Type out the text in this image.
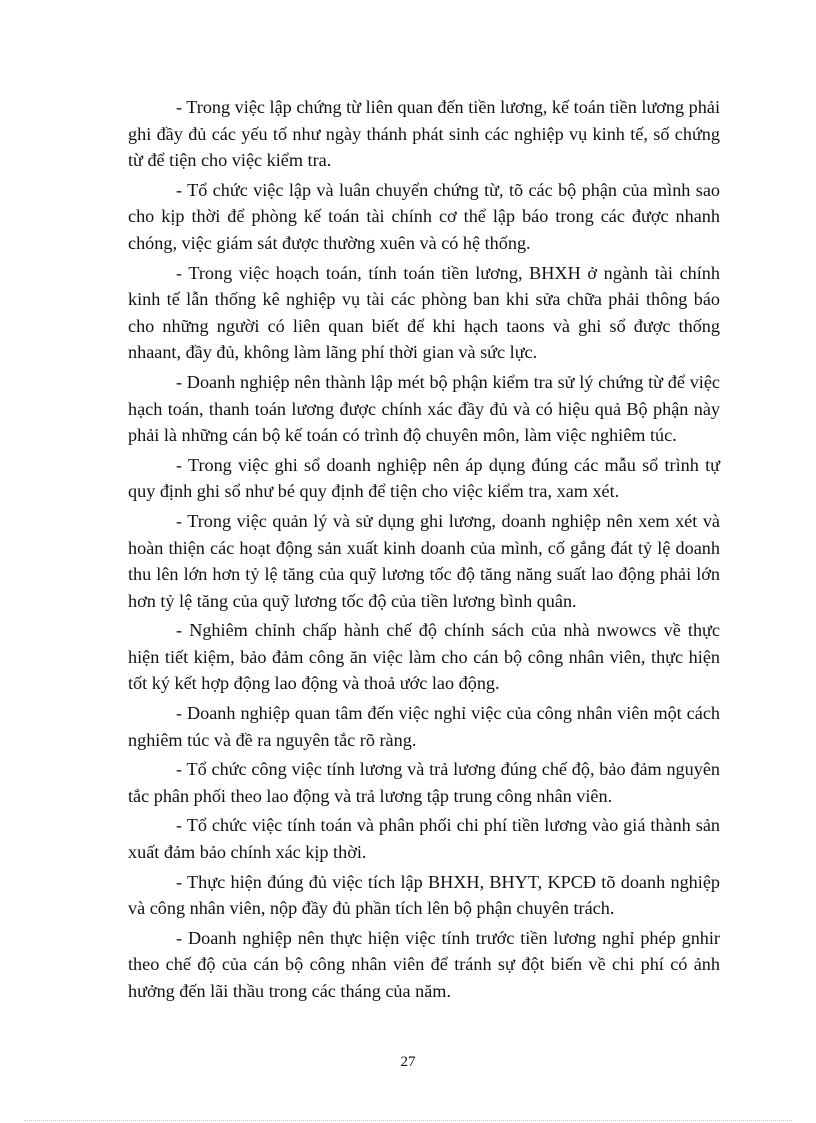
- Trong việc lập chứng từ liên quan đến tiền lương, kế toán tiền lương phải ghi đầy đủ các yếu tố như ngày thánh phát sinh các nghiệp vụ kinh tế, số chứng từ để tiện cho việc kiểm tra.

- Tổ chức việc lập và luân chuyển chứng từ, tõ các bộ phận của mình sao cho kịp thời để phòng kế toán tài chính cơ thể lập báo trong các được nhanh chóng, việc giám sát được thường xuên và có hệ thống.

- Trong việc hoạch toán, tính toán tiền lương, BHXH ở ngành tài chính kinh tế lẫn thống kê nghiệp vụ tài các phòng ban khi sửa chữa phải thông báo cho những người có liên quan biết để khi hạch taons và ghi sổ được thống nhaant, đầy đủ, không làm lãng phí thời gian và sức lực.

- Doanh nghiệp nên thành lập mét bộ phận kiểm tra sử lý chứng từ để việc hạch toán, thanh toán lương được chính xác đầy đủ và có hiệu quả Bộ phận này phải là những cán bộ kế toán có trình độ chuyên môn, làm việc nghiêm túc.

- Trong việc ghi sổ doanh nghiệp nên áp dụng đúng các mẫu sổ trình tự quy định ghi sổ như bé quy định để tiện cho việc kiểm tra, xam xét.

- Trong việc quản lý và sử dụng ghi lương, doanh nghiệp nên xem xét và hoàn thiện các hoạt động sản xuất kinh doanh của mình, cố gắng đát tỷ lệ doanh thu lên lớn hơn tỷ lệ tăng của quỹ lương tốc độ tăng năng suất lao động phải lớn hơn tỷ lệ tăng của quỹ lương tốc độ của tiền lương bình quân.

- Nghiêm chỉnh chấp hành chế độ chính sách của nhà nwowcs về thực hiện tiết kiệm, bảo đảm công ăn việc làm cho cán bộ công nhân viên, thực hiện tốt ký kết hợp động lao động và thoả ước lao động.

- Doanh nghiệp quan tâm đến việc nghỉ việc của công nhân viên một cách nghiêm túc và đề ra nguyên tắc rõ ràng.

- Tổ chức công việc tính lương và trả lương đúng chế độ, bảo đảm nguyên tắc phân phối theo lao động và trả lương tập trung công nhân viên.

- Tổ chức việc tính toán và phân phối chi phí tiền lương vào giá thành sản xuất đảm bảo chính xác kịp thời.

- Thực hiện đúng đủ việc tích lập BHXH, BHYT, KPCĐ tõ doanh nghiệp và công nhân viên, nộp đầy đủ phần tích lên bộ phận chuyên trách.

- Doanh nghiệp nên thực hiện việc tính trước tiền lương nghỉ phép gnhir theo chế độ của cán bộ công nhân viên để tránh sự đột biến về chi phí có ảnh hưởng đến lãi thầu trong các tháng của năm.

27
